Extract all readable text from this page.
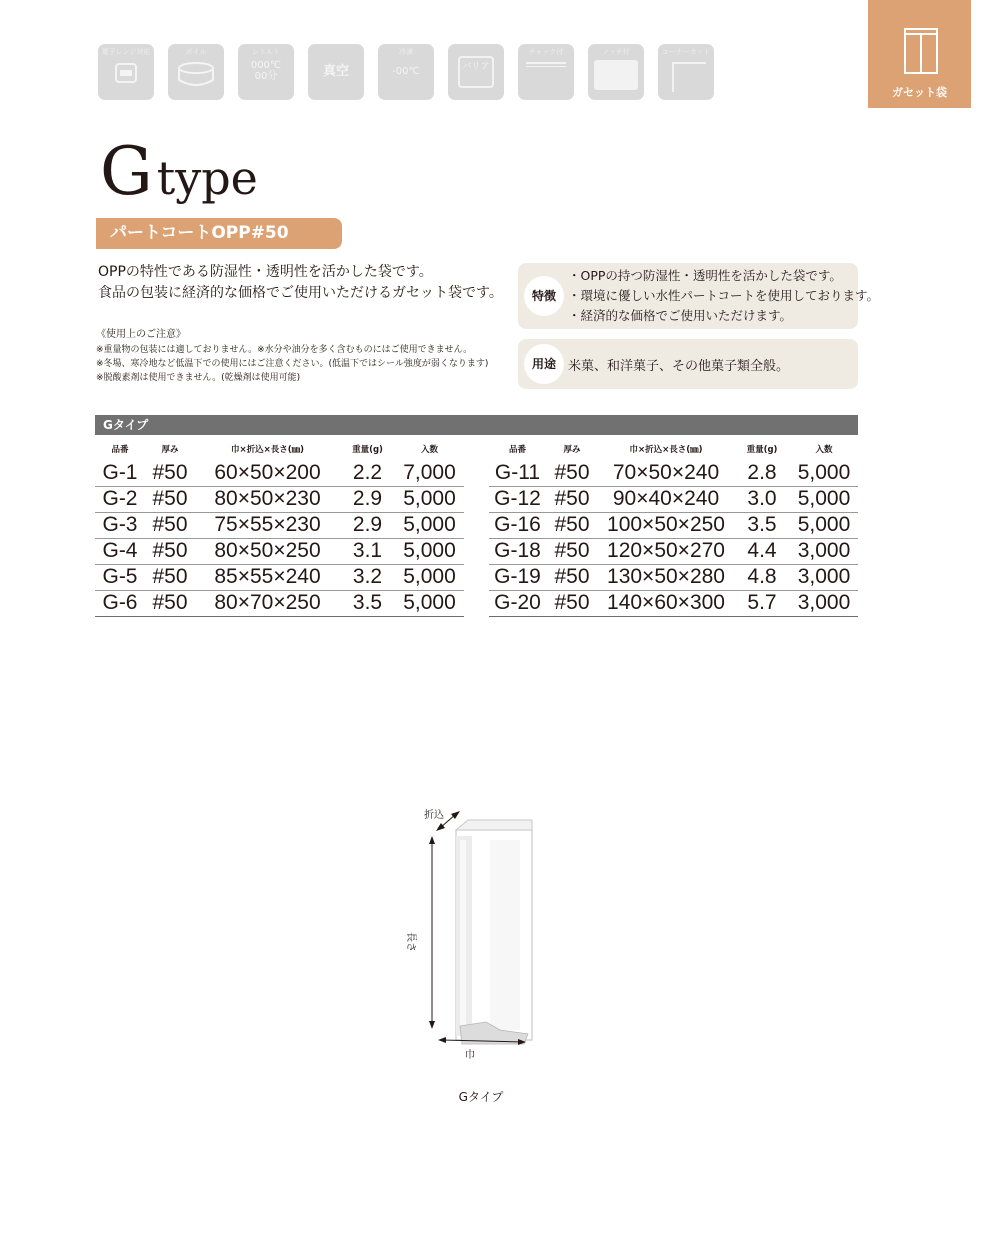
電子レンジ対応	ボイル	レトルト
000℃
00分	真空
冷凍
-00℃	バリア
チャック付	ノッチ付	コーナーカット
ガセット袋
Gtype
パートコートOPP#50
OPPの特性である防湿性・透明性を活かした袋です。
食品の包装に経済的な価格でご使用いただけるガセット袋です。
《使用上のご注意》
※重量物の包装には適しておりません。※水分や油分を多く含むものにはご使用できません。
※冬場、寒冷地など低温下での使用にはご注意ください。(低温下ではシール強度が弱くなります)
※脱酸素剤は使用できません。(乾燥剤は使用可能)
特徴
・OPPの持つ防湿性・透明性を活かした袋です。
・環境に優しい水性パートコートを使用しております。
・経済的な価格でご使用いただけます。
用途 米菓、和洋菓子、その他菓子類全般。
Gタイプ
品番	厚み	巾×折込×長さ(㎜)	重量(g)	入数
G-1	#50	60×50×200	2.2	7,000
G-2	#50	80×50×230	2.9	5,000
G-3	#50	75×55×230	2.9	5,000
G-4	#50	80×50×250	3.1	5,000
G-5	#50	85×55×240	3.2	5,000
G-6	#50	80×70×250	3.5	5,000
品番	厚み	巾×折込×長さ(㎜)	重量(g)	入数
G-11	#50	70×50×240	2.8	5,000
G-12	#50	90×40×240	3.0	5,000
G-16	#50	100×50×250	3.5	5,000
G-18	#50	120×50×270	4.4	3,000
G-19	#50	130×50×280	4.8	3,000
G-20	#50	140×60×300	5.7	3,000
長さ
巾
折込
Gタイプ
